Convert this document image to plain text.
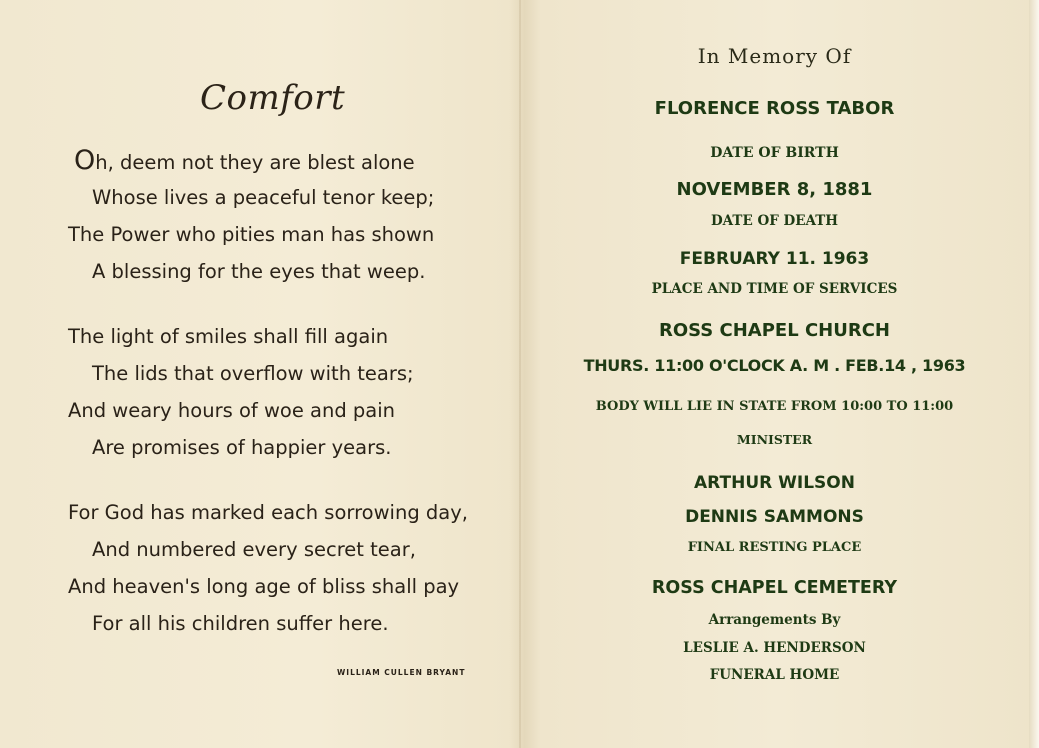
Comfort
Oh, deem not they are blest alone
Whose lives a peaceful tenor keep;
The Power who pities man has shown
A blessing for the eyes that weep.
The light of smiles shall fill again
The lids that overflow with tears;
And weary hours of woe and pain
Are promises of happier years.
For God has marked each sorrowing day,
And numbered every secret tear,
And heaven's long age of bliss shall pay
For all his children suffer here.
WILLIAM CULLEN BRYANT
In Memory Of
FLORENCE ROSS TABOR
DATE OF BIRTH
NOVEMBER 8, 1881
DATE OF DEATH
FEBRUARY 11. 1963
PLACE AND TIME OF SERVICES
ROSS CHAPEL CHURCH
THURS. 11:00 O'CLOCK A. M . FEB.14 , 1963
BODY WILL LIE IN STATE FROM 10:00 TO 11:00
MINISTER
ARTHUR WILSON
DENNIS SAMMONS
FINAL RESTING PLACE
ROSS CHAPEL CEMETERY
Arrangements By
LESLIE A. HENDERSON
FUNERAL HOME
